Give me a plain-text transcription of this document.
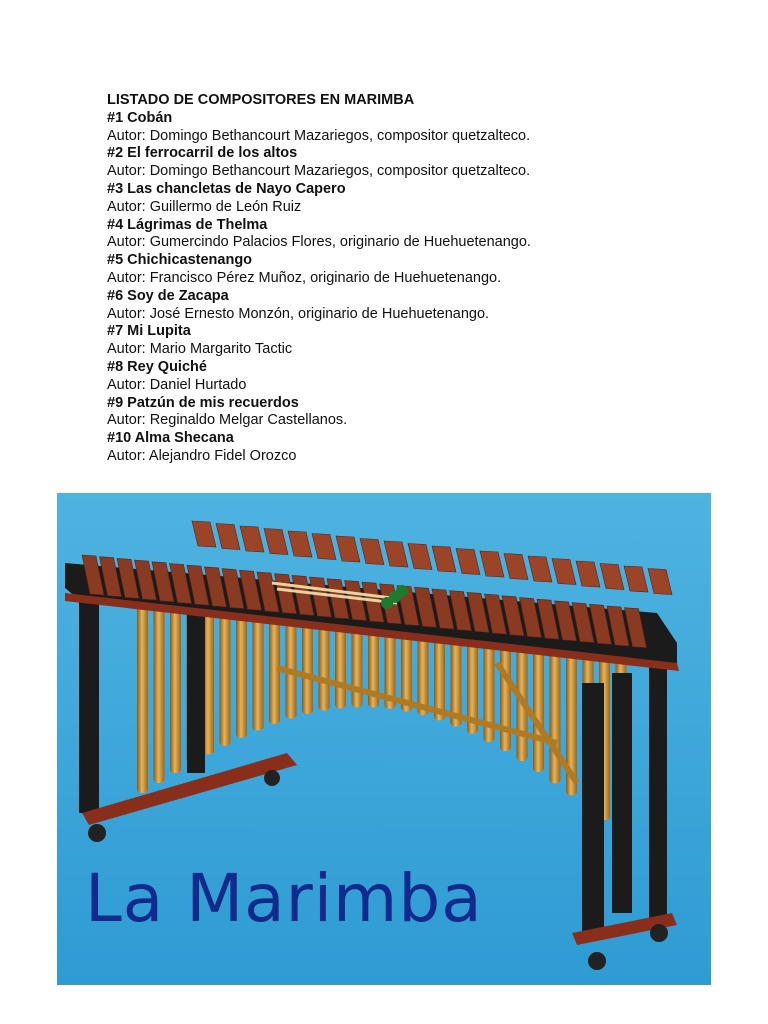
LISTADO DE COMPOSITORES EN MARIMBA
#1 Cobán
Autor: Domingo Bethancourt Mazariegos, compositor quetzalteco.
#2 El ferrocarril de los altos
Autor: Domingo Bethancourt Mazariegos, compositor quetzalteco.
#3 Las chancletas de Nayo Capero
Autor: Guillermo de León Ruiz
#4 Lágrimas de Thelma
Autor: Gumercindo Palacios Flores, originario de Huehuetenango.
#5 Chichicastenango
Autor: Francisco Pérez Muñoz, originario de Huehuetenango.
#6 Soy de Zacapa
Autor: José Ernesto Monzón, originario de Huehuetenango.
#7 Mi Lupita
Autor: Mario Margarito Tactic
#8 Rey Quiché
Autor: Daniel Hurtado
#9 Patzún de mis recuerdos
Autor: Reginaldo Melgar Castellanos.
#10 Alma Shecana
Autor: Alejandro Fidel Orozco
La Marimba
